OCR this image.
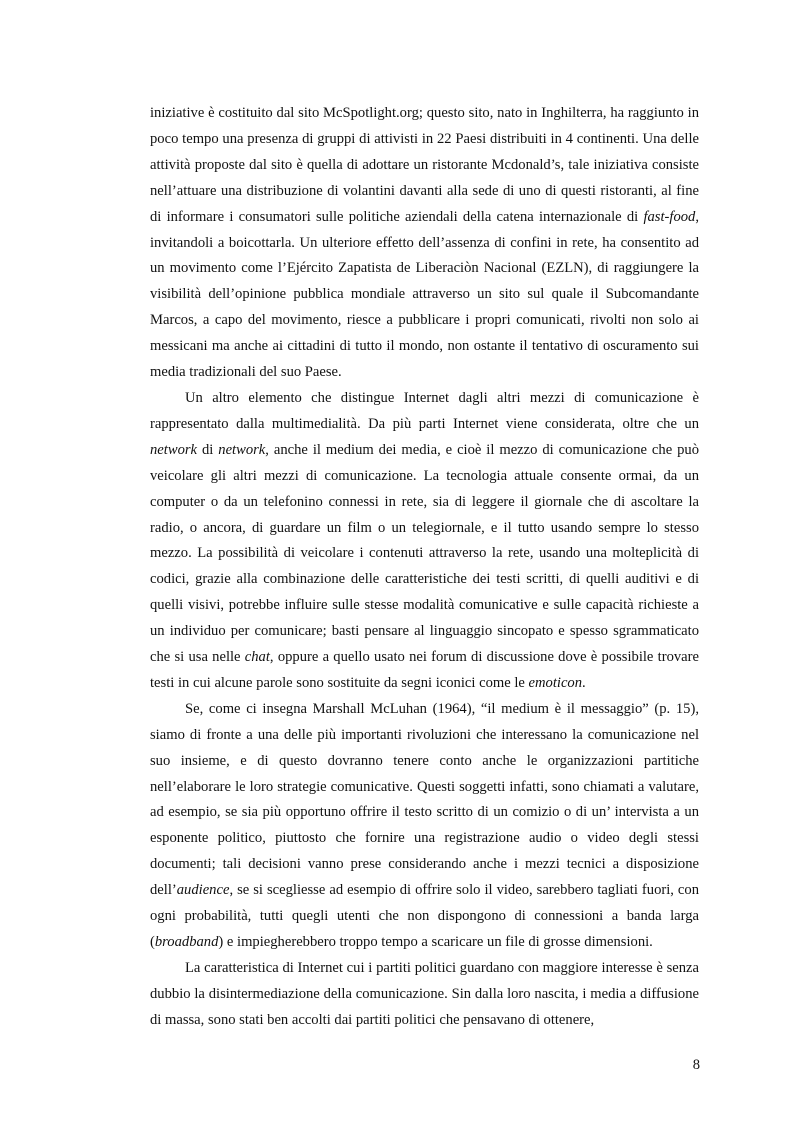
iniziative è costituito dal sito McSpotlight.org; questo sito, nato in Inghilterra, ha raggiunto in poco tempo una presenza di gruppi di attivisti in 22 Paesi distribuiti in 4 continenti. Una delle attività proposte dal sito è quella di adottare un ristorante Mcdonald’s, tale iniziativa consiste nell’attuare una distribuzione di volantini davanti alla sede di uno di questi ristoranti, al fine di informare i consumatori sulle politiche aziendali della catena internazionale di fast-food, invitandoli a boicottarla. Un ulteriore effetto dell’assenza di confini in rete, ha consentito ad un movimento come l’Ejército Zapatista de Liberaciòn Nacional (EZLN), di raggiungere la visibilità dell’opinione pubblica mondiale attraverso un sito sul quale il Subcomandante Marcos, a capo del movimento, riesce a pubblicare i propri comunicati, rivolti non solo ai messicani ma anche ai cittadini di tutto il mondo, non ostante il tentativo di oscuramento sui media tradizionali del suo Paese.

Un altro elemento che distingue Internet dagli altri mezzi di comunicazione è rappresentato dalla multimedialità. Da più parti Internet viene considerata, oltre che un network di network, anche il medium dei media, e cioè il mezzo di comunicazione che può veicolare gli altri mezzi di comunicazione. La tecnologia attuale consente ormai, da un computer o da un telefonino connessi in rete, sia di leggere il giornale che di ascoltare la radio, o ancora, di guardare un film o un telegiornale, e il tutto usando sempre lo stesso mezzo. La possibilità di veicolare i contenuti attraverso la rete, usando una molteplicità di codici, grazie alla combinazione delle caratteristiche dei testi scritti, di quelli auditivi e di quelli visivi, potrebbe influire sulle stesse modalità comunicative e sulle capacità richieste a un individuo per comunicare; basti pensare al linguaggio sincopato e spesso sgrammaticato che si usa nelle chat, oppure a quello usato nei forum di discussione dove è possibile trovare testi in cui alcune parole sono sostituite da segni iconici come le emoticon.

Se, come ci insegna Marshall McLuhan (1964), “il medium è il messaggio” (p. 15), siamo di fronte a una delle più importanti rivoluzioni che interessano la comunicazione nel suo insieme, e di questo dovranno tenere conto anche le organizzazioni partitiche nell’elaborare le loro strategie comunicative. Questi soggetti infatti, sono chiamati a valutare, ad esempio, se sia più opportuno offrire il testo scritto di un comizio o di un’ intervista a un esponente politico, piuttosto che fornire una registrazione audio o video degli stessi documenti; tali decisioni vanno prese considerando anche i mezzi tecnici a disposizione dell’audience, se si scegliesse ad esempio di offrire solo il video, sarebbero tagliati fuori, con ogni probabilità, tutti quegli utenti che non dispongono di connessioni a banda larga (broadband) e impiegherebbero troppo tempo a scaricare un file di grosse dimensioni.

La caratteristica di Internet cui i partiti politici guardano con maggiore interesse è senza dubbio la disintermediazione della comunicazione. Sin dalla loro nascita, i media a diffusione di massa, sono stati ben accolti dai partiti politici che pensavano di ottenere,

8
